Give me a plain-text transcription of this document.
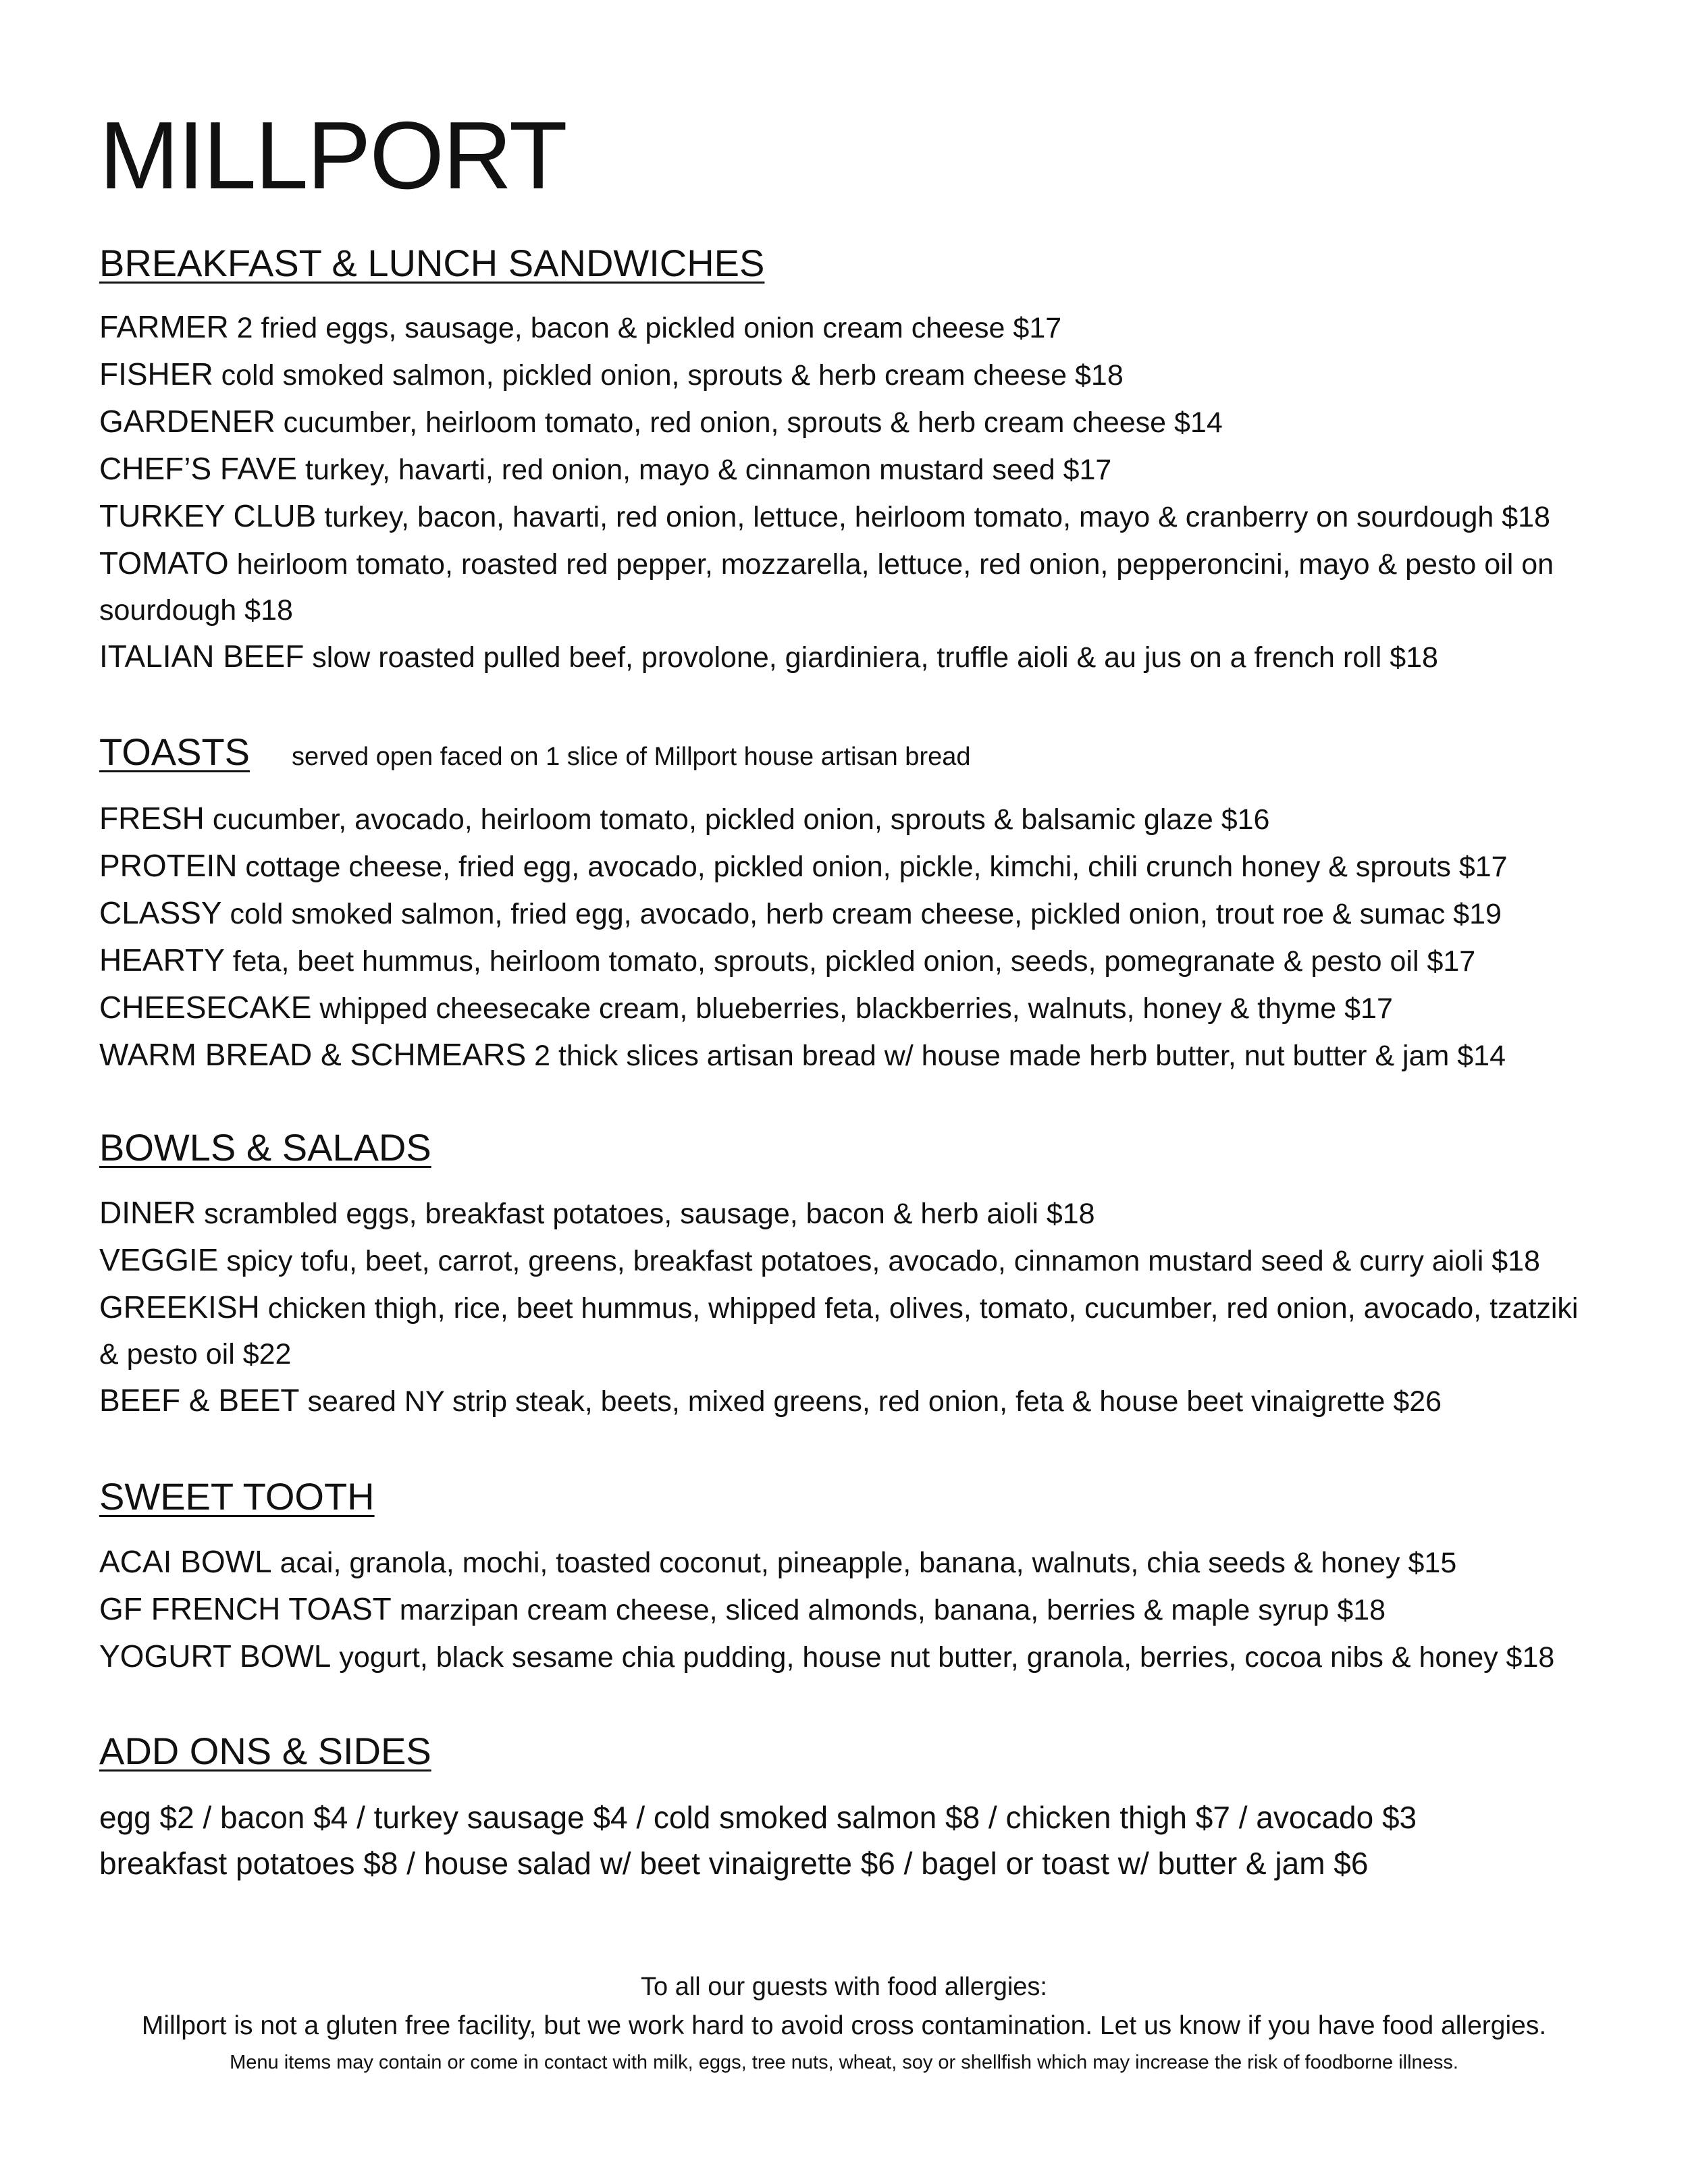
MILLPORT
BREAKFAST & LUNCH SANDWICHES
FARMER 2 fried eggs, sausage, bacon & pickled onion cream cheese $17
FISHER cold smoked salmon, pickled onion, sprouts & herb cream cheese $18
GARDENER cucumber, heirloom tomato, red onion, sprouts & herb cream cheese $14
CHEF’S FAVE turkey, havarti, red onion, mayo & cinnamon mustard seed $17
TURKEY CLUB turkey, bacon, havarti, red onion, lettuce, heirloom tomato, mayo & cranberry on sourdough $18
TOMATO heirloom tomato, roasted red pepper, mozzarella, lettuce, red onion, pepperoncini, mayo & pesto oil on sourdough $18
ITALIAN BEEF slow roasted pulled beef, provolone, giardiniera, truffle aioli & au jus on a french roll $18
TOASTS served open faced on 1 slice of Millport house artisan bread
FRESH cucumber, avocado, heirloom tomato, pickled onion, sprouts & balsamic glaze $16
PROTEIN cottage cheese, fried egg, avocado, pickled onion, pickle, kimchi, chili crunch honey & sprouts $17
CLASSY cold smoked salmon, fried egg, avocado, herb cream cheese, pickled onion, trout roe & sumac $19
HEARTY feta, beet hummus, heirloom tomato, sprouts, pickled onion, seeds, pomegranate & pesto oil $17
CHEESECAKE whipped cheesecake cream, blueberries, blackberries, walnuts, honey & thyme $17
WARM BREAD & SCHMEARS 2 thick slices artisan bread w/ house made herb butter, nut butter & jam $14
BOWLS & SALADS
DINER scrambled eggs, breakfast potatoes, sausage, bacon & herb aioli $18
VEGGIE spicy tofu, beet, carrot, greens, breakfast potatoes, avocado, cinnamon mustard seed & curry aioli $18
GREEKISH chicken thigh, rice, beet hummus, whipped feta, olives, tomato, cucumber, red onion, avocado, tzatziki & pesto oil $22
BEEF & BEET seared NY strip steak, beets, mixed greens, red onion, feta & house beet vinaigrette $26
SWEET TOOTH
ACAI BOWL acai, granola, mochi, toasted coconut, pineapple, banana, walnuts, chia seeds & honey $15
GF FRENCH TOAST marzipan cream cheese, sliced almonds, banana, berries & maple syrup $18
YOGURT BOWL yogurt, black sesame chia pudding, house nut butter, granola, berries, cocoa nibs & honey $18
ADD ONS & SIDES
egg $2 / bacon $4 / turkey sausage $4 / cold smoked salmon $8 / chicken thigh $7 / avocado $3
breakfast potatoes $8 / house salad w/ beet vinaigrette $6 / bagel or toast w/ butter & jam $6

To all our guests with food allergies:

Millport is not a gluten free facility, but we work hard to avoid cross contamination. Let us know if you have food allergies.

Menu items may contain or come in contact with milk, eggs, tree nuts, wheat, soy or shellfish which may increase the risk of foodborne illness.
